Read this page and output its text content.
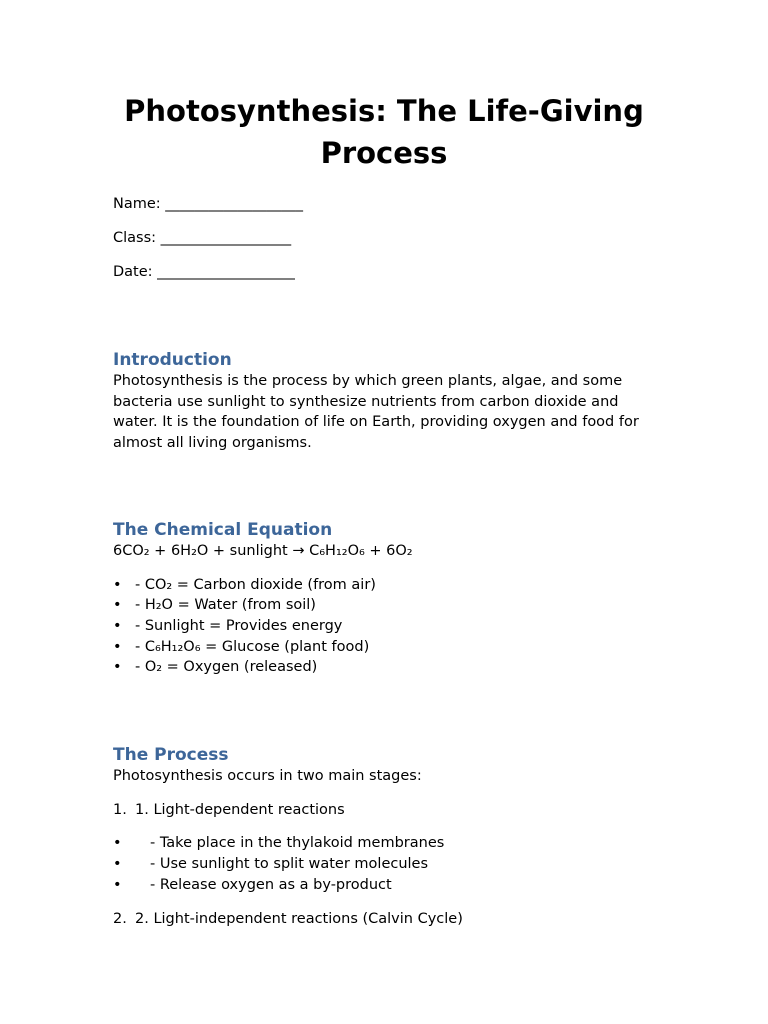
Photosynthesis: The Life-Giving Process

Name: ___________________

Class: __________________

Date: ___________________

Introduction

Photosynthesis is the process by which green plants, algae, and some bacteria use sunlight to synthesize nutrients from carbon dioxide and water. It is the foundation of life on Earth, providing oxygen and food for almost all living organisms.

The Chemical Equation

6CO₂ + 6H₂O + sunlight → C₆H₁₂O₆ + 6O₂

• - CO₂ = Carbon dioxide (from air)
• - H₂O = Water (from soil)
• - Sunlight = Provides energy
• - C₆H₁₂O₆ = Glucose (plant food)
• - O₂ = Oxygen (released)
The Process

Photosynthesis occurs in two main stages:

1. 1. Light-dependent reactions
• - Take place in the thylakoid membranes
• - Use sunlight to split water molecules
• - Release oxygen as a by-product
2. 2. Light-independent reactions (Calvin Cycle)
